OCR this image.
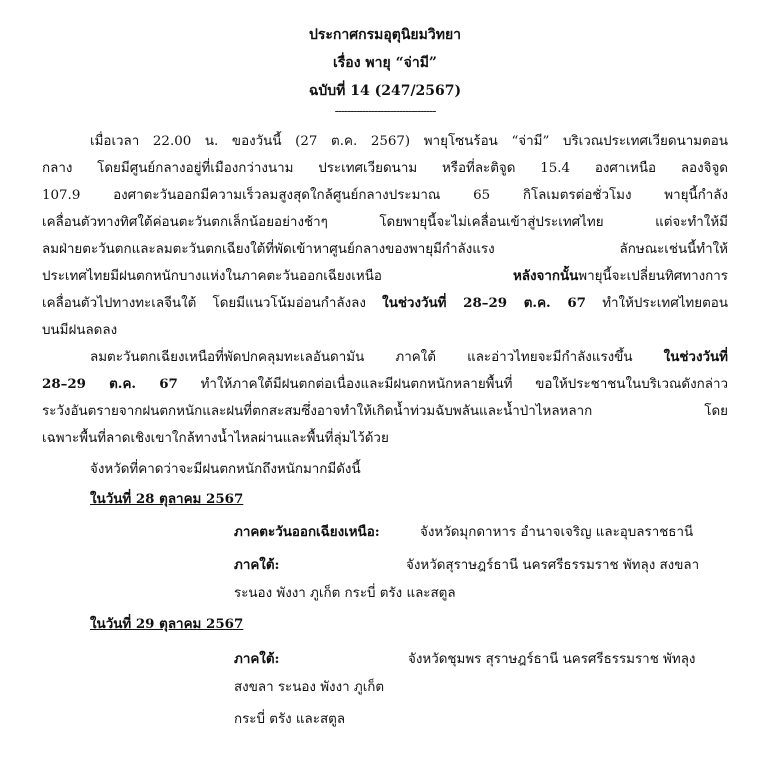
ประกาศกรมอุตุนิยมวิทยา
เรื่อง พายุ “จ่ามี”
ฉบับที่ 14 (247/2567)
---------------------------------
เมื่อเวลา 22.00 น. ของวันนี้ (27 ต.ค. 2567) พายุโซนร้อน “จ่ามี” บริเวณประเทศเวียดนามตอน
กลาง โดยมีศูนย์กลางอยู่ที่เมืองกว่างนาม ประเทศเวียดนาม หรือที่ละติจูด 15.4 องศาเหนือ ลองจิจูด
107.9 องศาตะวันออกมีความเร็วลมสูงสุดใกล้ศูนย์กลางประมาณ 65 กิโลเมตรต่อชั่วโมง พายุนี้กำลัง
เคลื่อนตัวทางทิศใต้ค่อนตะวันตกเล็กน้อยอย่างช้าๆ โดยพายุนี้จะไม่เคลื่อนเข้าสู่ประเทศไทย แต่จะทำให้มี
ลมฝ่ายตะวันตกและลมตะวันตกเฉียงใต้ที่พัดเข้าหาศูนย์กลางของพายุมีกำลังแรง ลักษณะเช่นนี้ทำให้
ประเทศไทยมีฝนตกหนักบางแห่งในภาคตะวันออกเฉียงเหนือ	หลังจากนั้นพายุนี้จะเปลี่ยนทิศทางการ
เคลื่อนตัวไปทางทะเลจีนใต้ โดยมีแนวโน้มอ่อนกำลังลง ในช่วงวันที่ 28–29 ต.ค. 67 ทำให้ประเทศไทยตอน
บนมีฝนลดลง
ลมตะวันตกเฉียงเหนือที่พัดปกคลุมทะเลอันดามัน ภาคใต้ และอ่าวไทยจะมีกำลังแรงขึ้น ในช่วงวันที่
28–29 ต.ค. 67 ทำให้ภาคใต้มีฝนตกต่อเนื่องและมีฝนตกหนักหลายพื้นที่ ขอให้ประชาชนในบริเวณดังกล่าว
ระวังอันตรายจากฝนตกหนักและฝนที่ตกสะสมซึ่งอาจทำให้เกิดน้ำท่วมฉับพลันและน้ำป่าไหลหลาก โดย
เฉพาะพื้นที่ลาดเชิงเขาใกล้ทางน้ำไหลผ่านและพื้นที่ลุ่มไว้ด้วย
จังหวัดที่คาดว่าจะมีฝนตกหนักถึงหนักมากมีดังนี้
ในวันที่ 28 ตุลาคม 2567
ภาคตะวันออกเฉียงเหนือ:	จังหวัดมุกดาหาร อำนาจเจริญ และอุบลราชธานี
ภาคใต้:	จังหวัดสุราษฎร์ธานี นครศรีธรรมราช พัทลุง สงขลา
ระนอง พังงา ภูเก็ต กระบี่ ตรัง และสตูล
ในวันที่ 29 ตุลาคม 2567
ภาคใต้:	จังหวัดชุมพร สุราษฎร์ธานี นครศรีธรรมราช พัทลุง
สงขลา ระนอง พังงา ภูเก็ต
กระบี่ ตรัง และสตูล
